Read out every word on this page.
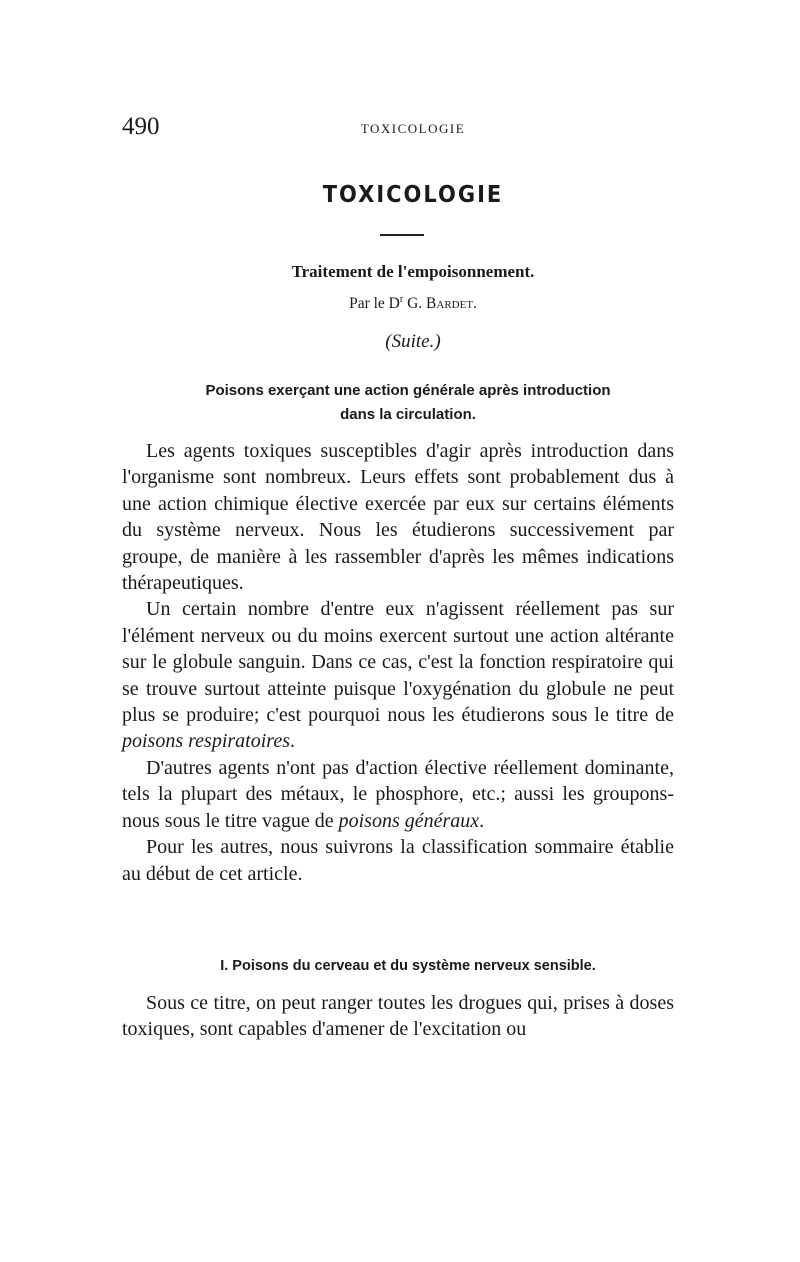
490	TOXICOLOGIE
TOXICOLOGIE
Traitement de l'empoisonnement.
Par le $D^r$ G. Bardet.
(Suite.)
Poisons exerçant une action générale après introduction
dans la circulation.

Les agents toxiques susceptibles d'agir après introduction dans l'organisme sont nombreux. Leurs effets sont probablement dus à une action chimique élective exercée par eux sur certains éléments du système nerveux. Nous les étudierons successivement par groupe, de manière à les rassembler d'après les mêmes indications thérapeutiques.

Un certain nombre d'entre eux n'agissent réellement pas sur l'élément nerveux ou du moins exercent surtout une action altérante sur le globule sanguin. Dans ce cas, c'est la fonction respiratoire qui se trouve surtout atteinte puisque l'oxygénation du globule ne peut plus se produire; c'est pourquoi nous les étudierons sous le titre de poisons respiratoires.

D'autres agents n'ont pas d'action élective réellement dominante, tels la plupart des métaux, le phosphore, etc.; aussi les groupons-nous sous le titre vague de poisons généraux.

Pour les autres, nous suivrons la classification sommaire établie au début de cet article.

I. Poisons du cerveau et du système nerveux sensible.

Sous ce titre, on peut ranger toutes les drogues qui, prises à doses toxiques, sont capables d'amener de l'excitation ou
